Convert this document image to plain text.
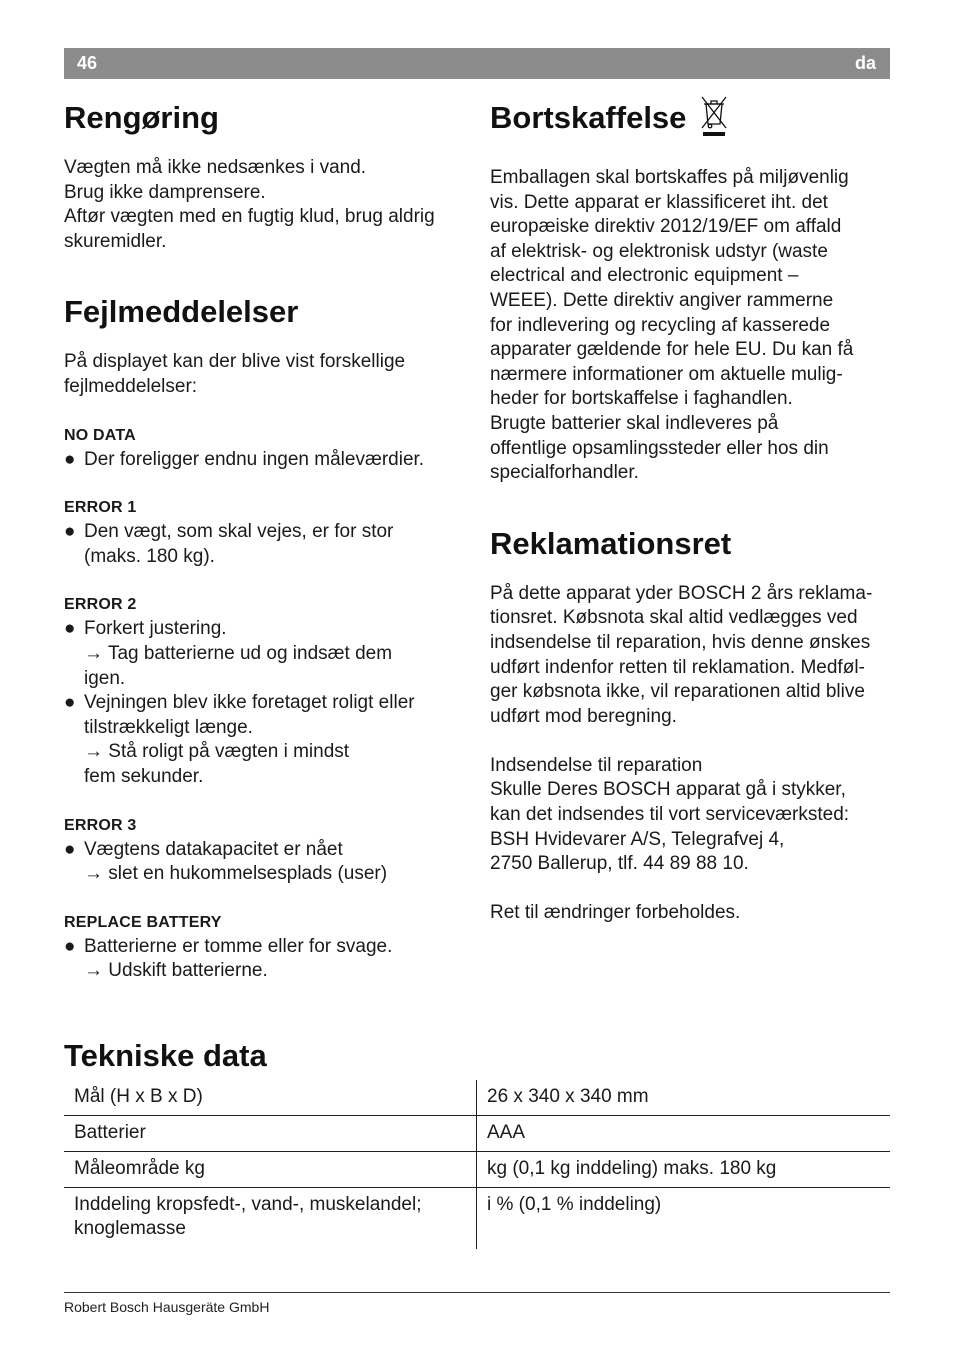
46	da
Rengøring

Vægten må ikke nedsænkes i vand.

Brug ikke damprensere.

Aftør vægten med en fugtig klud, brug aldrig skuremidler.

Fejlmeddelelser

På displayet kan der blive vist forskellige fejlmeddelelser:

NO DATA
● Der foreligger endnu ingen måleværdier.
ERROR 1
● Den vægt, som skal vejes, er for stor
(maks. 180 kg).
ERROR 2
● Forkert justering.
→ Tag batterierne ud og indsæt dem
igen.
● Vejningen blev ikke foretaget roligt eller
tilstrækkeligt længe.
→ Stå roligt på vægten i mindst
fem sekunder.
ERROR 3
● Vægtens datakapacitet er nået
→ slet en hukommelsesplads (user)
REPLACE BATTERY
● Batterierne er tomme eller for svage.
→ Udskift batterierne.
Bortskaffelse

Emballagen skal bortskaffes på miljøvenlig

vis. Dette apparat er klassificeret iht. det

europæiske direktiv 2012/19/EF om affald

af elektrisk- og elektronisk udstyr (waste

electrical and electronic equipment –

WEEE). Dette direktiv angiver rammerne

for indlevering og recycling af kasserede

apparater gældende for hele EU. Du kan få

nærmere informationer om aktuelle mulig-

heder for bortskaffelse i faghandlen.

Brugte batterier skal indleveres på

offentlige opsamlingssteder eller hos din

specialforhandler.

Reklamationsret

På dette apparat yder BOSCH 2 års reklama-

tionsret. Købsnota skal altid vedlægges ved

indsendelse til reparation, hvis denne ønskes

udført indenfor retten til reklamation. Medføl-

ger købsnota ikke, vil reparationen altid blive

udført mod beregning.

Indsendelse til reparation

Skulle Deres BOSCH apparat gå i stykker,

kan det indsendes til vort serviceværksted:

BSH Hvidevarer A/S, Telegrafvej 4,

2750 Ballerup, tlf. 44 89 88 10.

Ret til ændringer forbeholdes.

Tekniske data
Mål (H x B x D)	26 x 340 x 340 mm
Batterier	AAA
Måleområde kg	kg (0,1 kg inddeling) maks. 180 kg

Inddeling kropsfedt-, vand-, muskelandel;
knoglemasse	i % (0,1 % inddeling)
Robert Bosch Hausgeräte GmbH
